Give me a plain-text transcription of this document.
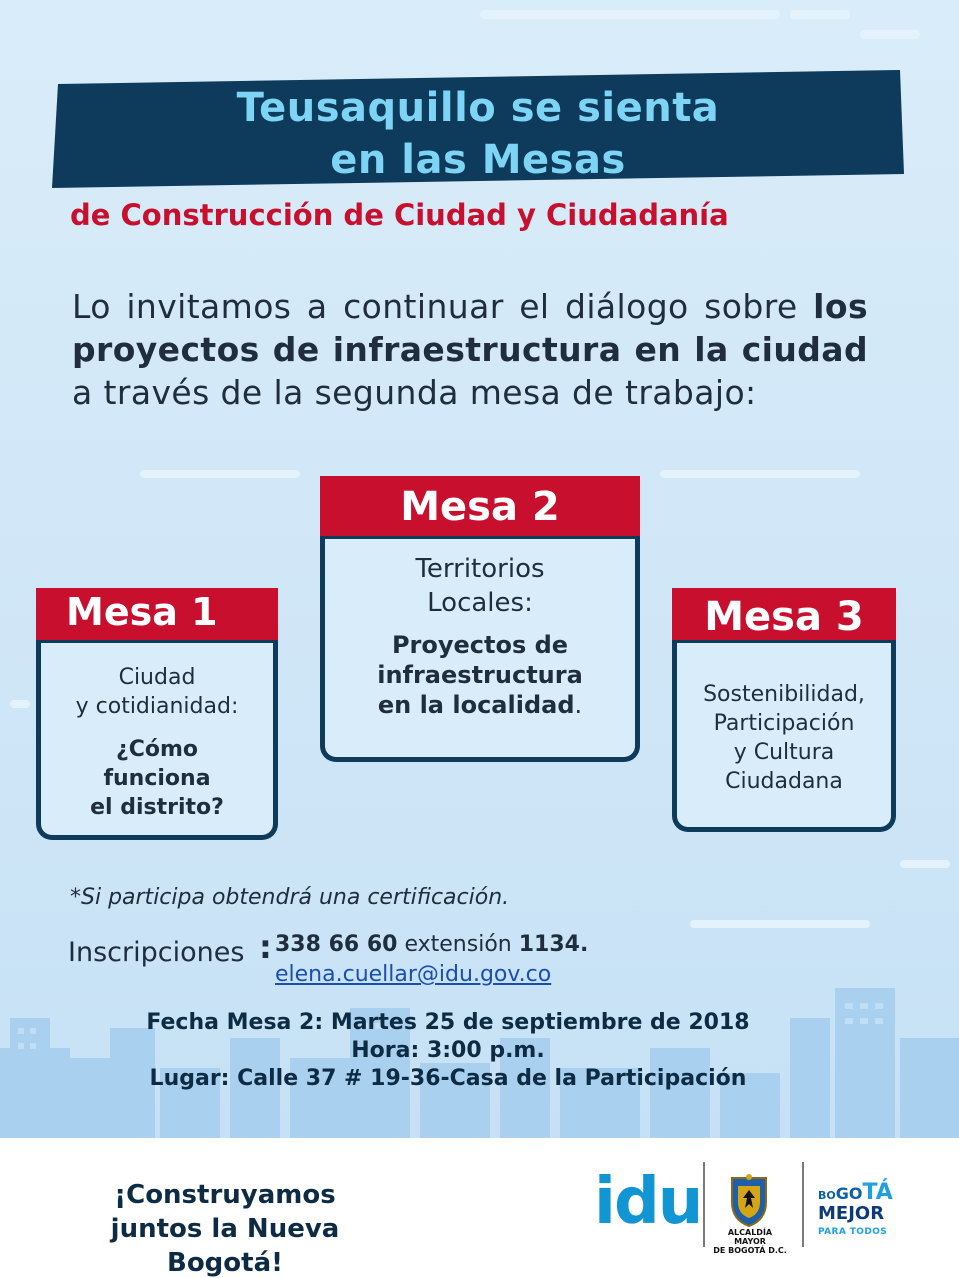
Teusaquillo se sienta
en las Mesas
de Construcción de Ciudad y Ciudadanía
Lo invitamos a continuar el diálogo sobre los proyectos de infraestructura en la ciudad a través de la segunda mesa de trabajo:
Mesa 1
Ciudad
y cotidianidad:
¿Cómo
funciona
el distrito?
Mesa 2
Territorios
Locales:
Proyectos de
infraestructura
en la localidad.
Mesa 3
Sostenibilidad,
Participación
y Cultura
Ciudadana
*Si participa obtendrá una certificación.
Inscripciones : 338 66 60 extensión 1134.
elena.cuellar@idu.gov.co
Fecha Mesa 2: Martes 25 de septiembre de 2018
Hora: 3:00 p.m.
Lugar: Calle 37 # 19-36-Casa de la Participación
¡Construyamos
juntos la Nueva Bogotá!
idu	ALCALDÍA MAYOR
DE BOGOTÁ D.C.
BOGOTÁ
MEJOR
PARA TODOS
